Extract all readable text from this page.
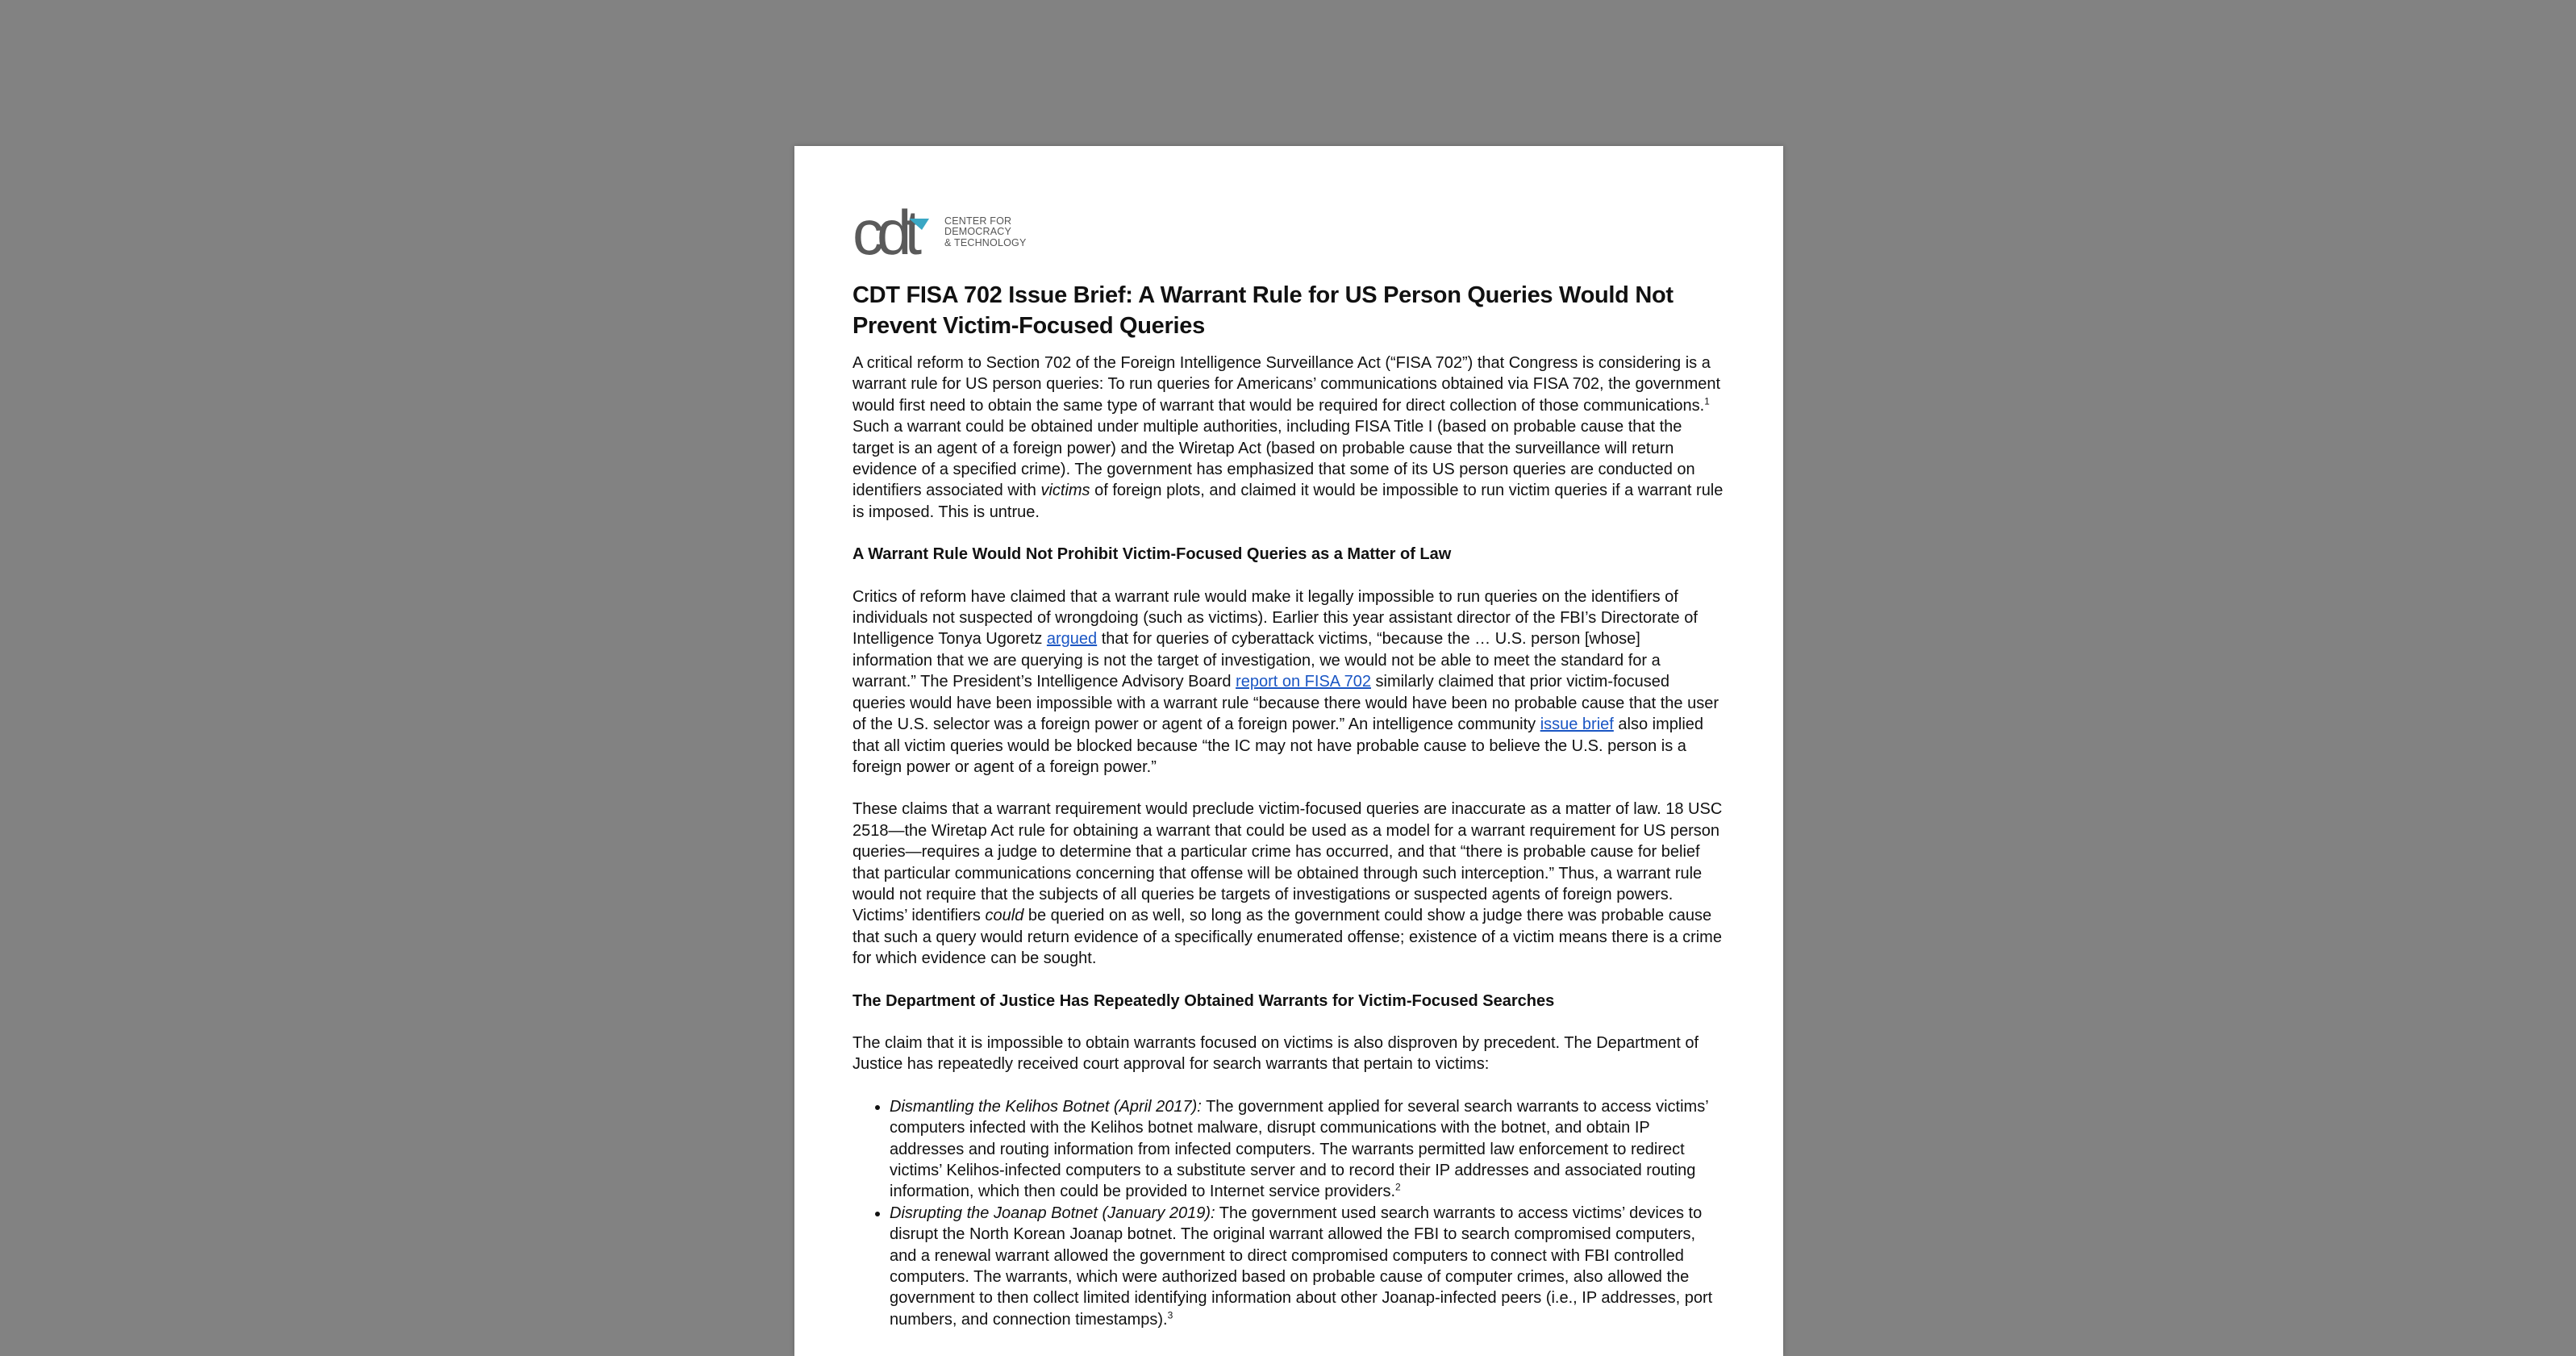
cdt	CENTER FOR
DEMOCRACY
& TECHNOLOGY
CDT FISA 702 Issue Brief: A Warrant Rule for US Person Queries Would Not Prevent Victim-Focused Queries

A critical reform to Section 702 of the Foreign Intelligence Surveillance Act (“FISA 702”) that Congress is considering is a warrant rule for US person queries: To run queries for Americans’ communications obtained via FISA 702, the government would first need to obtain the same type of warrant that would be required for direct collection of those communications.$^1$ Such a warrant could be obtained under multiple authorities, including FISA Title I (based on probable cause that the target is an agent of a foreign power) and the Wiretap Act (based on probable cause that the surveillance will return evidence of a specified crime). The government has emphasized that some of its US person queries are conducted on identifiers associated with victims of foreign plots, and claimed it would be impossible to run victim queries if a warrant rule is imposed. This is untrue.

A Warrant Rule Would Not Prohibit Victim-Focused Queries as a Matter of Law

Critics of reform have claimed that a warrant rule would make it legally impossible to run queries on the identifiers of individuals not suspected of wrongdoing (such as victims). Earlier this year assistant director of the FBI’s Directorate of Intelligence Tonya Ugoretz argued that for queries of cyberattack victims, “because the … U.S. person [whose] information that we are querying is not the target of investigation, we would not be able to meet the standard for a warrant.” The President’s Intelligence Advisory Board report on FISA 702 similarly claimed that prior victim-focused queries would have been impossible with a warrant rule “because there would have been no probable cause that the user of the U.S. selector was a foreign power or agent of a foreign power.” An intelligence community issue brief also implied that all victim queries would be blocked because “the IC may not have probable cause to believe the U.S. person is a foreign power or agent of a foreign power.”

These claims that a warrant requirement would preclude victim-focused queries are inaccurate as a matter of law. 18 USC 2518—the Wiretap Act rule for obtaining a warrant that could be used as a model for a warrant requirement for US person queries—requires a judge to determine that a particular crime has occurred, and that “there is probable cause for belief that particular communications concerning that offense will be obtained through such interception.” Thus, a warrant rule would not require that the subjects of all queries be targets of investigations or suspected agents of foreign powers. Victims’ identifiers could be queried on as well, so long as the government could show a judge there was probable cause that such a query would return evidence of a specifically enumerated offense; existence of a victim means there is a crime for which evidence can be sought.

The Department of Justice Has Repeatedly Obtained Warrants for Victim-Focused Searches

The claim that it is impossible to obtain warrants focused on victims is also disproven by precedent. The Department of Justice has repeatedly received court approval for search warrants that pertain to victims:

• Dismantling the Kelihos Botnet (April 2017): The government applied for several search warrants to access victims’ computers infected with the Kelihos botnet malware, disrupt communications with the botnet, and obtain IP addresses and routing information from infected computers. The warrants permitted law enforcement to redirect victims’ Kelihos-infected computers to a substitute server and to record their IP addresses and associated routing information, which then could be provided to Internet service providers.$^2$
• Disrupting the Joanap Botnet (January 2019): The government used search warrants to access victims’ devices to disrupt the North Korean Joanap botnet. The original warrant allowed the FBI to search compromised computers, and a renewal warrant allowed the government to direct compromised computers to connect with FBI controlled computers. The warrants, which were authorized based on probable cause of computer crimes, also allowed the government to then collect limited identifying information about other Joanap-infected peers (i.e., IP addresses, port numbers, and connection timestamps).$^3$
